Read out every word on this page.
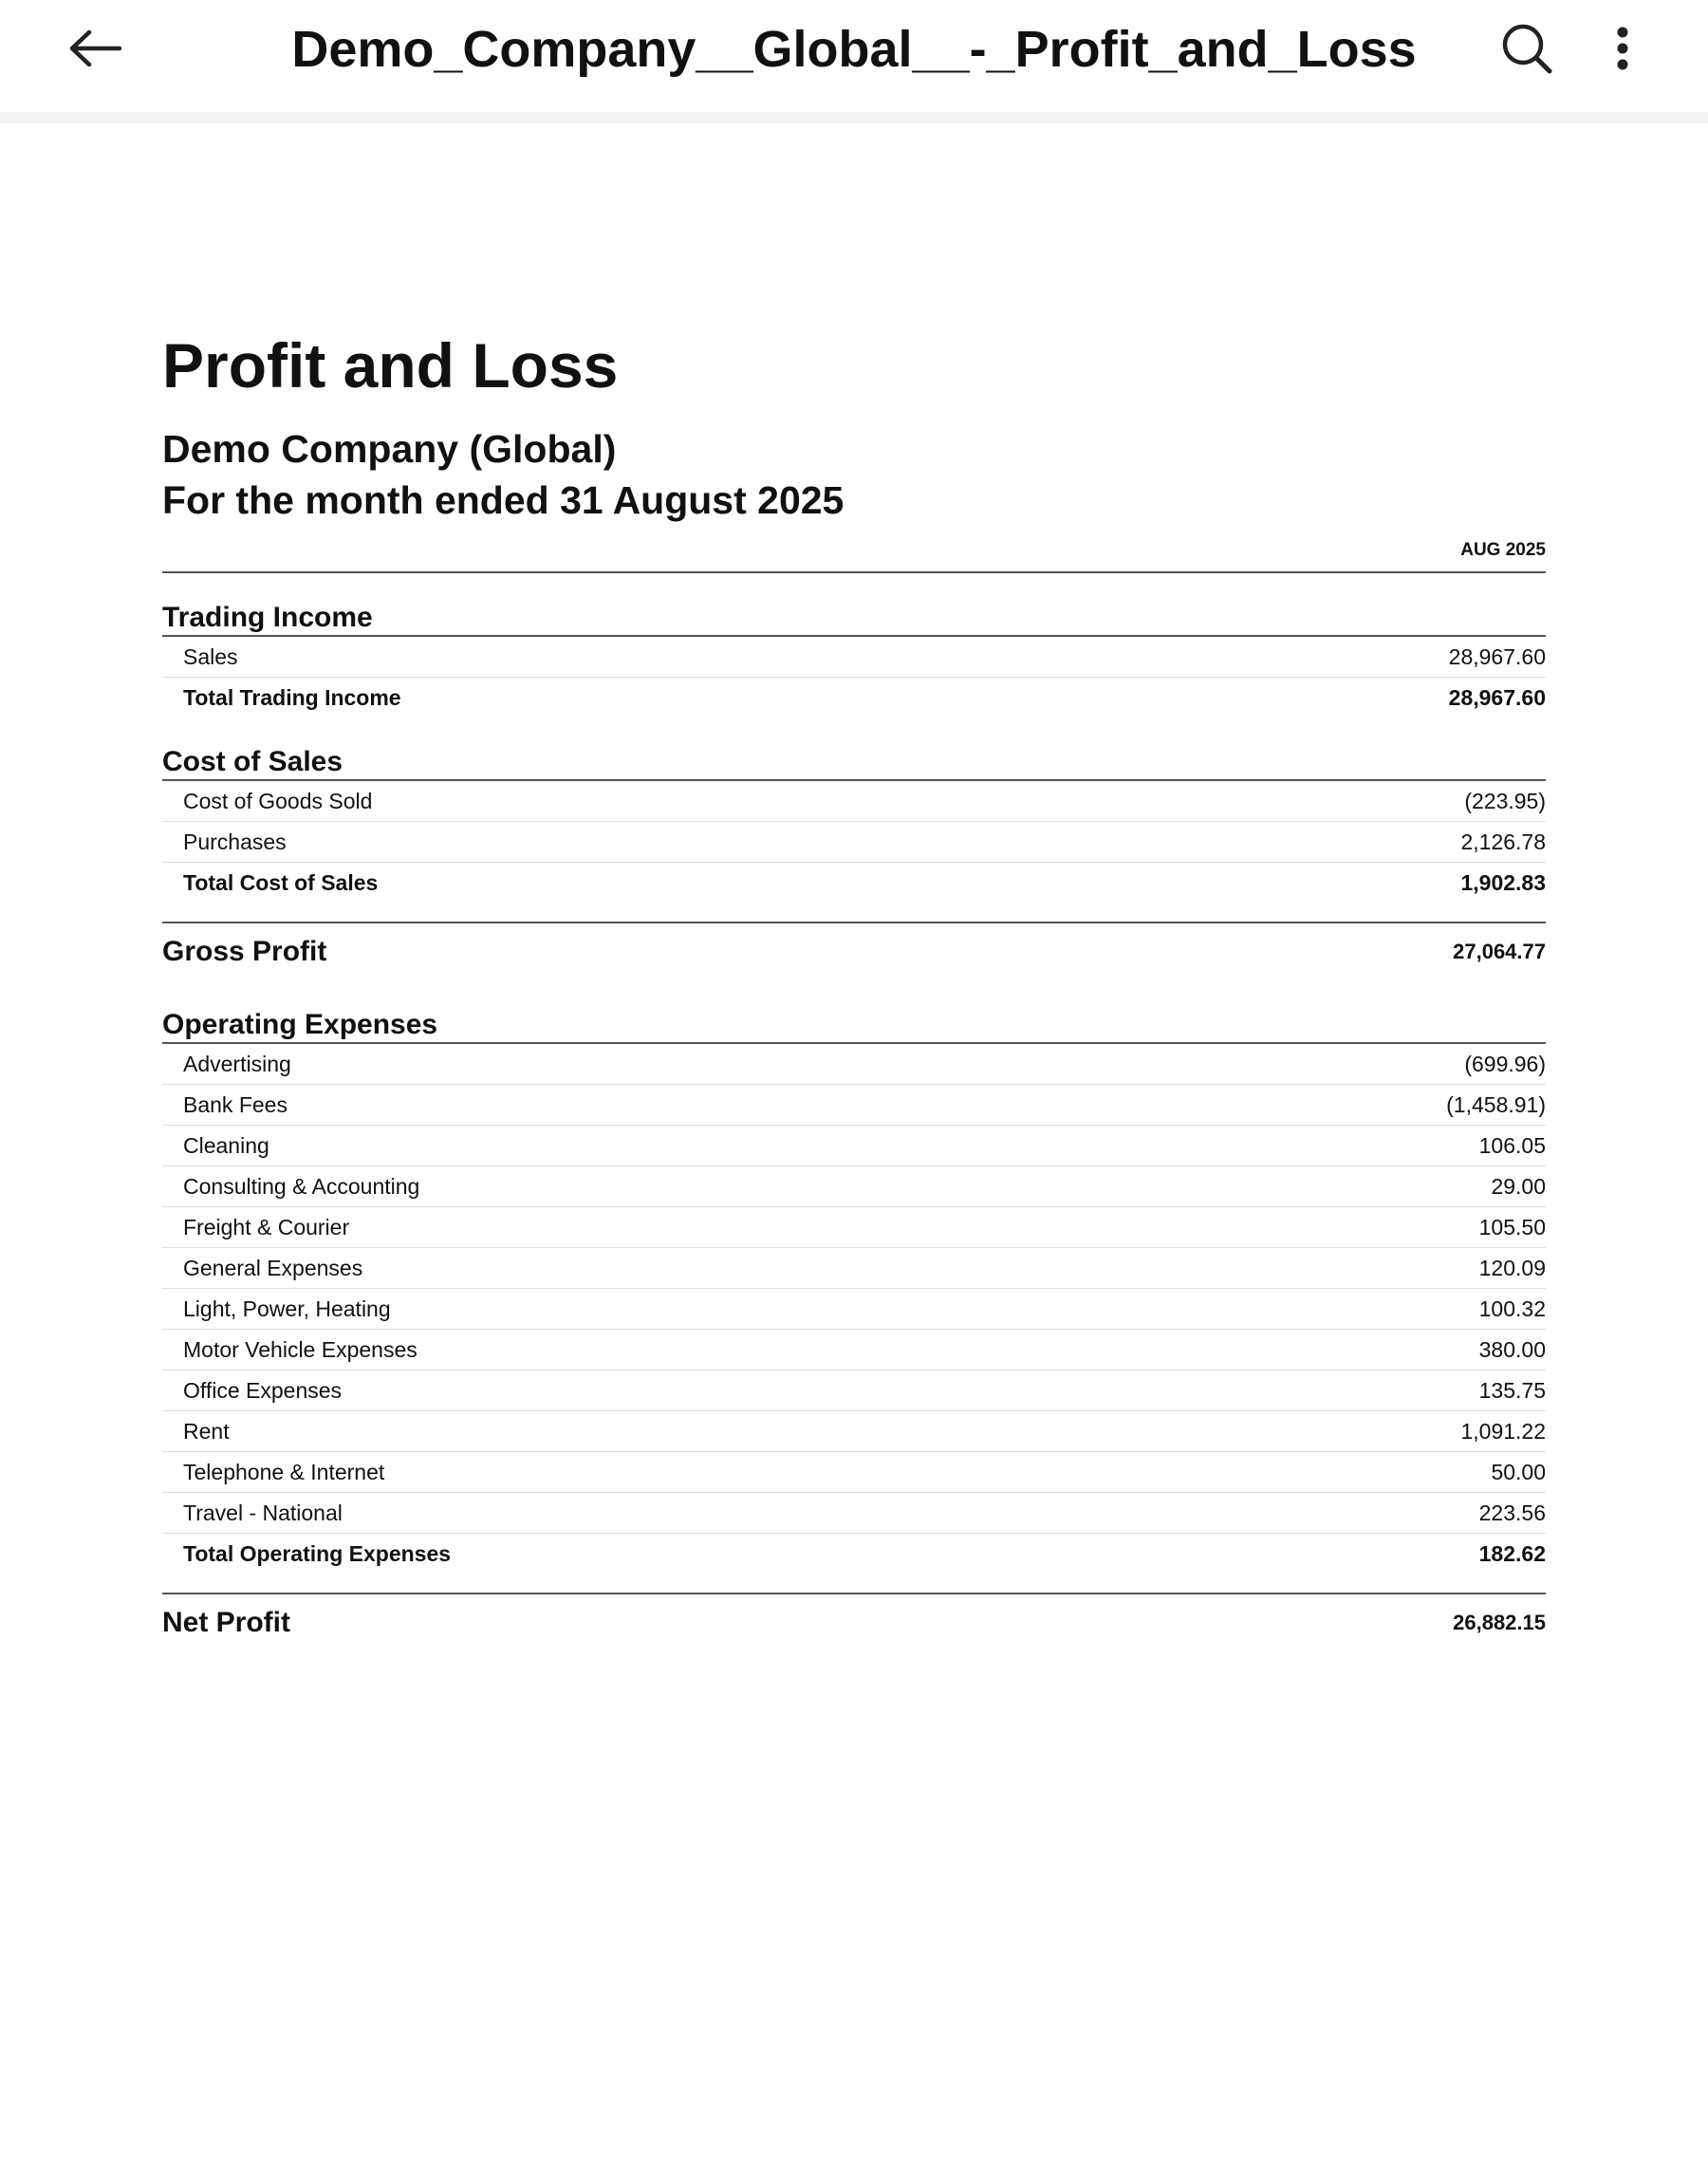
Demo_Company__Global__-_Profit_and_Loss
Profit and Loss
Demo Company (Global)
For the month ended 31 August 2025
AUG 2025
Trading Income
Sales	28,967.60
Total Trading Income	28,967.60
Cost of Sales
Cost of Goods Sold	(223.95)
Purchases	2,126.78
Total Cost of Sales	1,902.83
Gross Profit	27,064.77
Operating Expenses
Advertising	(699.96)
Bank Fees	(1,458.91)
Cleaning	106.05
Consulting & Accounting	29.00
Freight & Courier	105.50
General Expenses	120.09
Light, Power, Heating	100.32
Motor Vehicle Expenses	380.00
Office Expenses	135.75
Rent	1,091.22
Telephone & Internet	50.00
Travel - National	223.56
Total Operating Expenses	182.62
Net Profit	26,882.15
